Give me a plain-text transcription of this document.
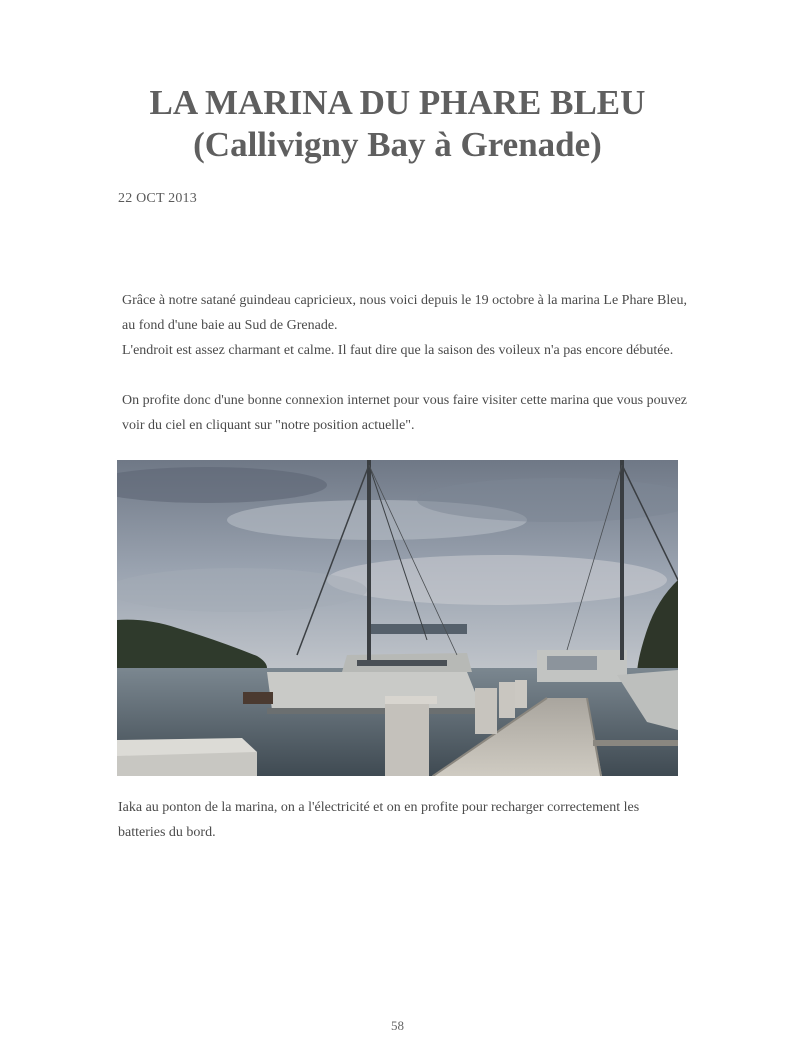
LA MARINA DU PHARE BLEU
(Callivigny Bay à Grenade)
22 OCT 2013

Grâce à notre satané guindeau capricieux, nous voici depuis le 19 octobre à la marina Le Phare Bleu, au fond d'une baie au Sud de Grenade.

L'endroit est assez charmant et calme. Il faut dire que la saison des voileux n'a pas encore débutée.

On profite donc d'une bonne connexion internet pour vous faire visiter cette marina que vous pouvez voir du ciel en cliquant sur "notre position actuelle".

Iaka au ponton de la marina, on a l'électricité et on en profite pour recharger correctement les batteries du bord.

58
